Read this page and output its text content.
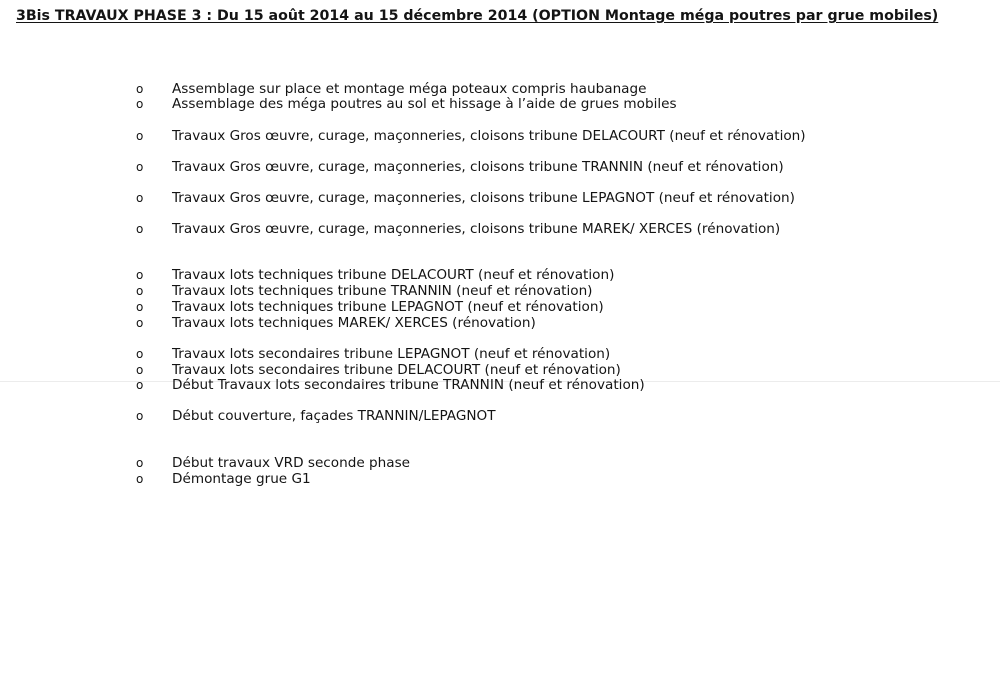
3Bis TRAVAUX PHASE 3 : Du 15 août 2014 au 15 décembre 2014 (OPTION Montage méga poutres par grue mobiles)
o Assemblage sur place et montage méga poteaux compris haubanage
o Assemblage des méga poutres au sol et hissage à l’aide de grues mobiles
o Travaux Gros œuvre, curage, maçonneries, cloisons tribune DELACOURT (neuf et rénovation)
o Travaux Gros œuvre, curage, maçonneries, cloisons tribune TRANNIN (neuf et rénovation)
o Travaux Gros œuvre, curage, maçonneries, cloisons tribune LEPAGNOT (neuf et rénovation)
o Travaux Gros œuvre, curage, maçonneries, cloisons tribune MAREK/ XERCES (rénovation)
o Travaux lots techniques tribune DELACOURT (neuf et rénovation)
o Travaux lots techniques tribune TRANNIN (neuf et rénovation)
o Travaux lots techniques tribune LEPAGNOT (neuf et rénovation)
o Travaux lots techniques MAREK/ XERCES (rénovation)
o Travaux lots secondaires tribune LEPAGNOT (neuf et rénovation)
o Travaux lots secondaires tribune DELACOURT (neuf et rénovation)
o Début Travaux lots secondaires tribune TRANNIN (neuf et rénovation)
o Début couverture, façades TRANNIN/LEPAGNOT
o Début travaux VRD seconde phase
o Démontage grue G1
